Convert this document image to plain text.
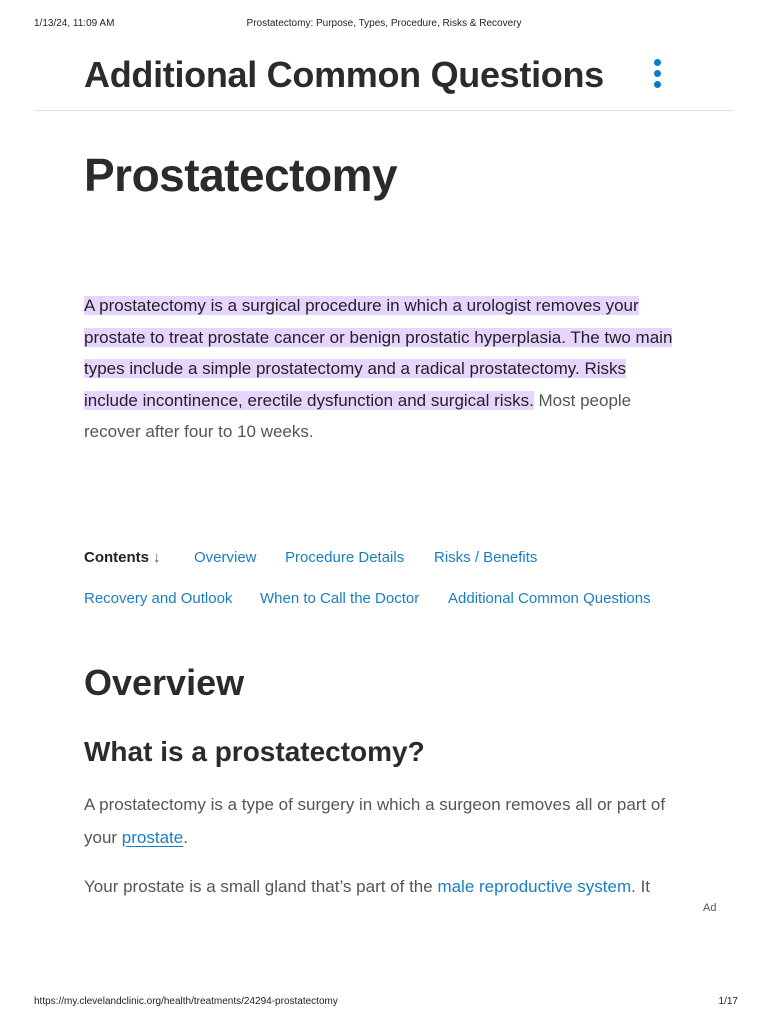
1/13/24, 11:09 AM	Prostatectomy: Purpose, Types, Procedure, Risks & Recovery
Additional Common Questions
Prostatectomy

A prostatectomy is a surgical procedure in which a urologist removes your prostate to treat prostate cancer or benign prostatic hyperplasia. The two main types include a simple prostatectomy and a radical prostatectomy. Risks include incontinence, erectile dysfunction and surgical risks. Most people recover after four to 10 weeks.

Contents ↓ Overview Procedure Details Risks / Benefits
Recovery and Outlook When to Call the Doctor Additional Common Questions
Overview
What is a prostatectomy?

A prostatectomy is a type of surgery in which a surgeon removes all or part of your prostate.

Your prostate is a small gland that’s part of the male reproductive system. It

Ad
https://my.clevelandclinic.org/health/treatments/24294-prostatectomy	1/17
